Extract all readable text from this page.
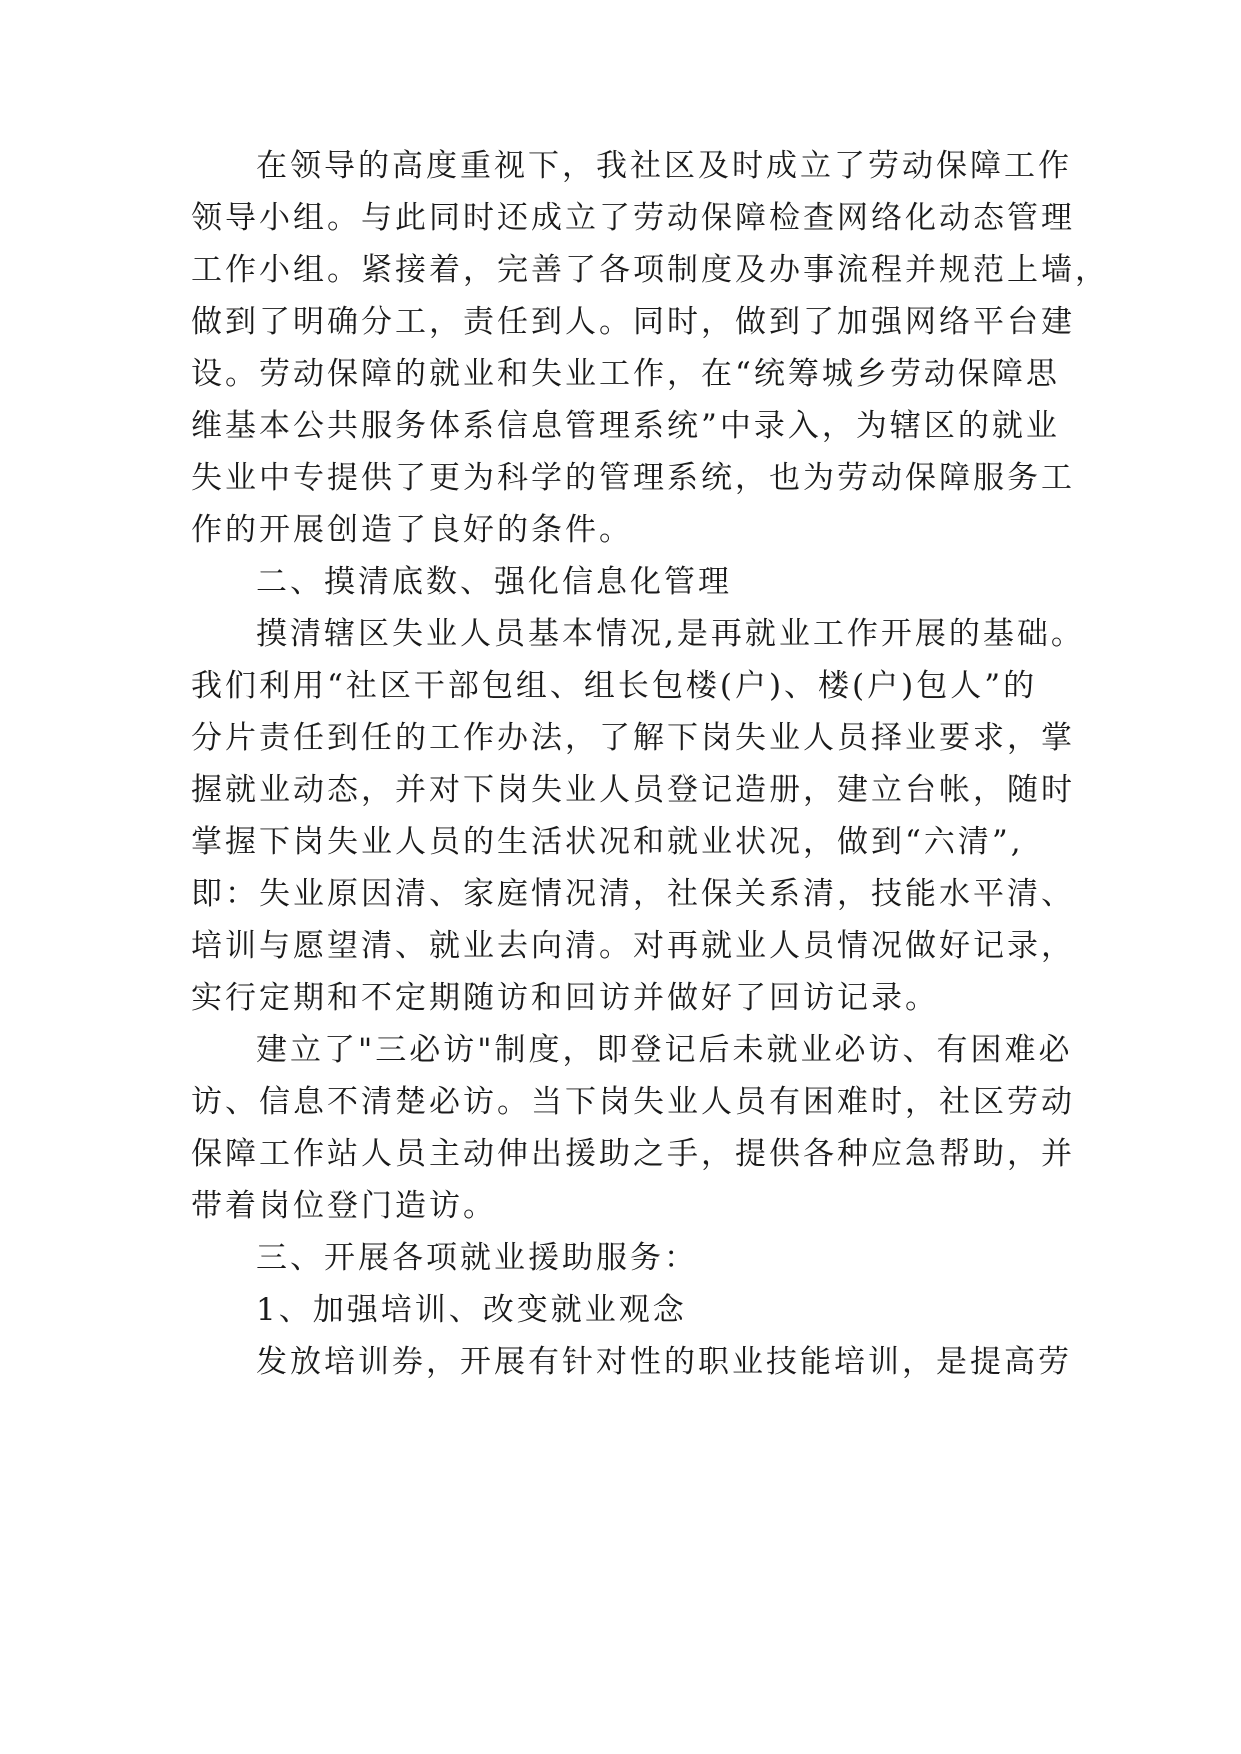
在领导的高度重视下，我社区及时成立了劳动保障工作

领导小组。与此同时还成立了劳动保障检查网络化动态管理

工作小组。紧接着，完善了各项制度及办事流程并规范上墙，

做到了明确分工，责任到人。同时，做到了加强网络平台建

设。劳动保障的就业和失业工作，在“统筹城乡劳动保障思

维基本公共服务体系信息管理系统”中录入，为辖区的就业

失业中专提供了更为科学的管理系统，也为劳动保障服务工

作的开展创造了良好的条件。

二、摸清底数、强化信息化管理

摸清辖区失业人员基本情况,是再就业工作开展的基础。

我们利用“社区干部包组、组长包楼(户)、楼(户)包人”的

分片责任到任的工作办法，了解下岗失业人员择业要求，掌

握就业动态，并对下岗失业人员登记造册，建立台帐，随时

掌握下岗失业人员的生活状况和就业状况，做到“六清”,

即：失业原因清、家庭情况清，社保关系清，技能水平清、

培训与愿望清、就业去向清。对再就业人员情况做好记录，

实行定期和不定期随访和回访并做好了回访记录。

建立了"三必访"制度，即登记后未就业必访、有困难必

访、信息不清楚必访。当下岗失业人员有困难时，社区劳动

保障工作站人员主动伸出援助之手，提供各种应急帮助，并

带着岗位登门造访。

三、开展各项就业援助服务：

1、加强培训、改变就业观念

发放培训券，开展有针对性的职业技能培训，是提高劳
